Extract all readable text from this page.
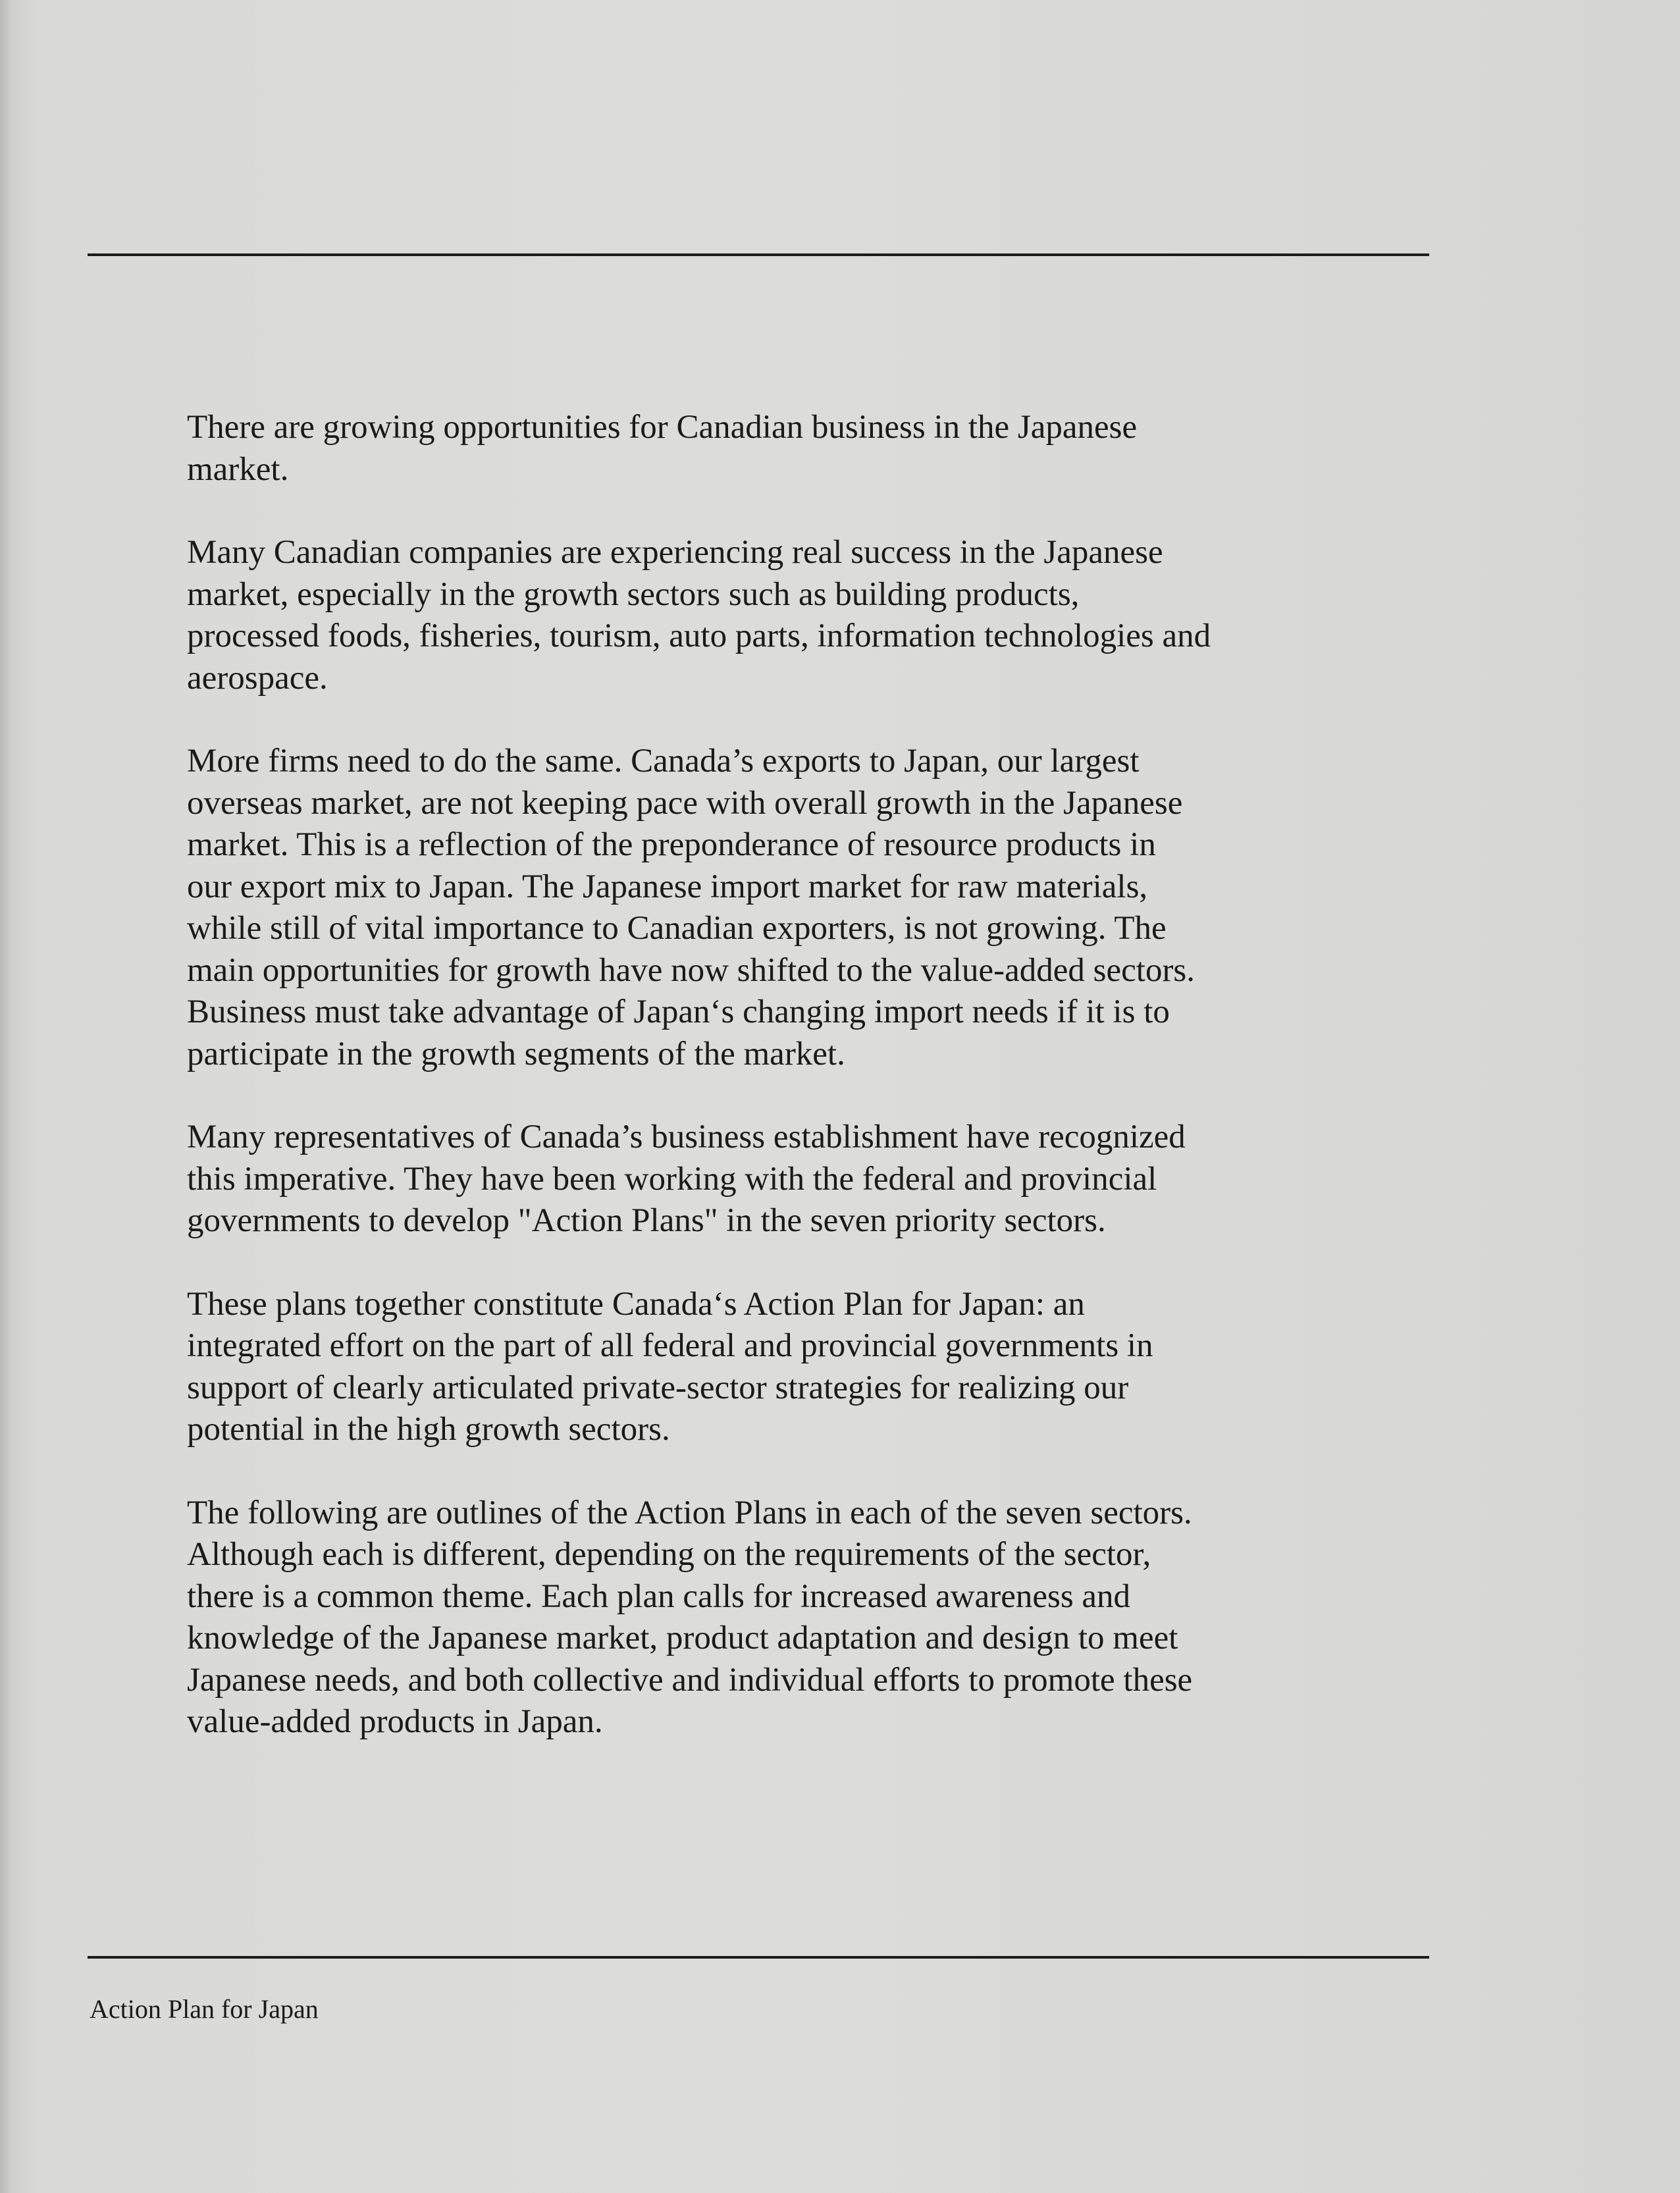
There are growing opportunities for Canadian business in the Japanese
market.

Many Canadian companies are experiencing real success in the Japanese
market, especially in the growth sectors such as building products,
processed foods, fisheries, tourism, auto parts, information technologies and
aerospace.

More firms need to do the same. Canada’s exports to Japan, our largest
overseas market, are not keeping pace with overall growth in the Japanese
market. This is a reflection of the preponderance of resource products in
our export mix to Japan. The Japanese import market for raw materials,
while still of vital importance to Canadian exporters, is not growing. The
main opportunities for growth have now shifted to the value-added sectors.
Business must take advantage of Japan‘s changing import needs if it is to
participate in the growth segments of the market.

Many representatives of Canada’s business establishment have recognized
this imperative. They have been working with the federal and provincial
governments to develop "Action Plans" in the seven priority sectors.

These plans together constitute Canada‘s Action Plan for Japan: an
integrated effort on the part of all federal and provincial governments in
support of clearly articulated private-sector strategies for realizing our
potential in the high growth sectors.

The following are outlines of the Action Plans in each of the seven sectors.
Although each is different, depending on the requirements of the sector,
there is a common theme. Each plan calls for increased awareness and
knowledge of the Japanese market, product adaptation and design to meet
Japanese needs, and both collective and individual efforts to promote these
value-added products in Japan.

Action Plan for Japan
